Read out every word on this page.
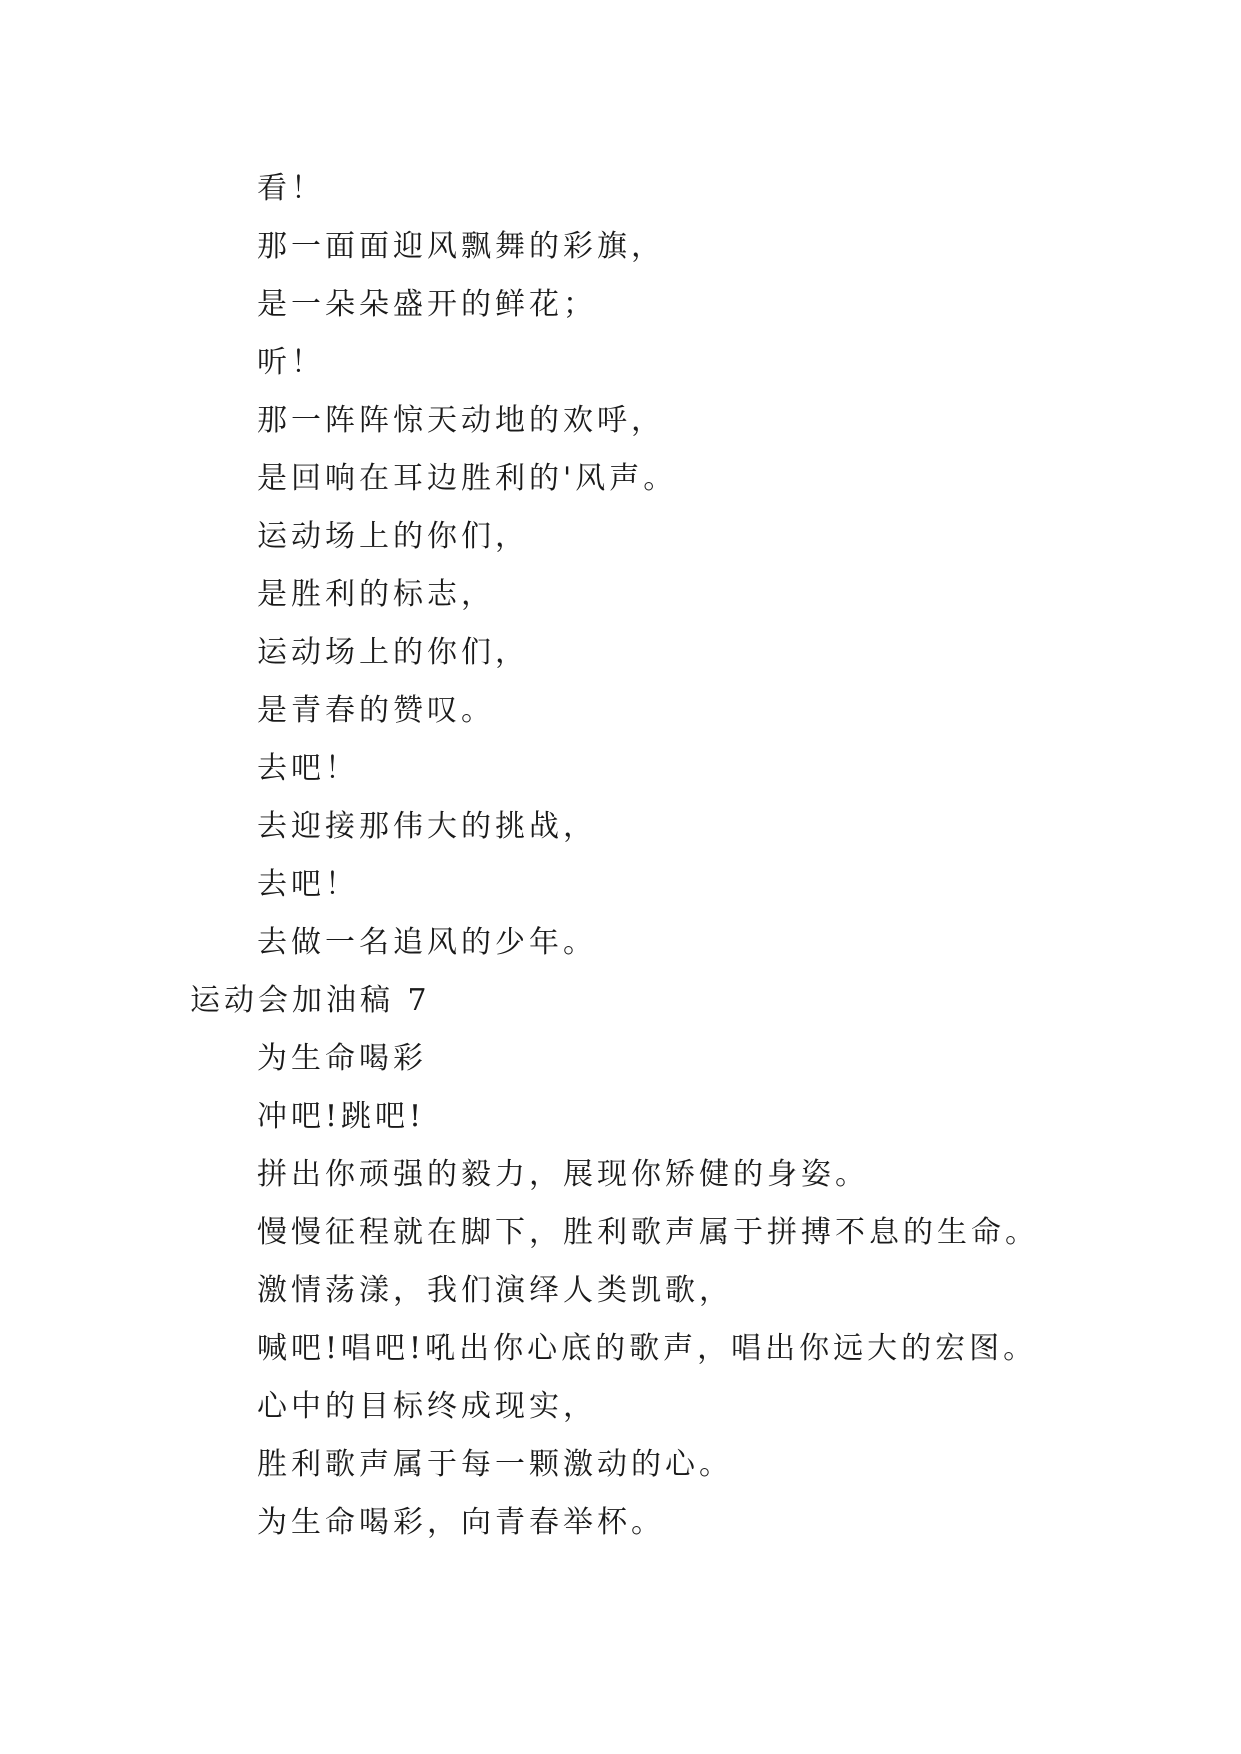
看！
那一面面迎风飘舞的彩旗，
是一朵朵盛开的鲜花；
听！
那一阵阵惊天动地的欢呼，
是回响在耳边胜利的'风声。
运动场上的你们，
是胜利的标志，
运动场上的你们，
是青春的赞叹。
去吧！
去迎接那伟大的挑战，
去吧！
去做一名追风的少年。
运动会加油稿 7
为生命喝彩
冲吧!跳吧!
拼出你顽强的毅力，展现你矫健的身姿。
慢慢征程就在脚下，胜利歌声属于拼搏不息的生命。
激情荡漾，我们演绎人类凯歌，
喊吧!唱吧!吼出你心底的歌声，唱出你远大的宏图。
心中的目标终成现实，
胜利歌声属于每一颗激动的心。
为生命喝彩，向青春举杯。
